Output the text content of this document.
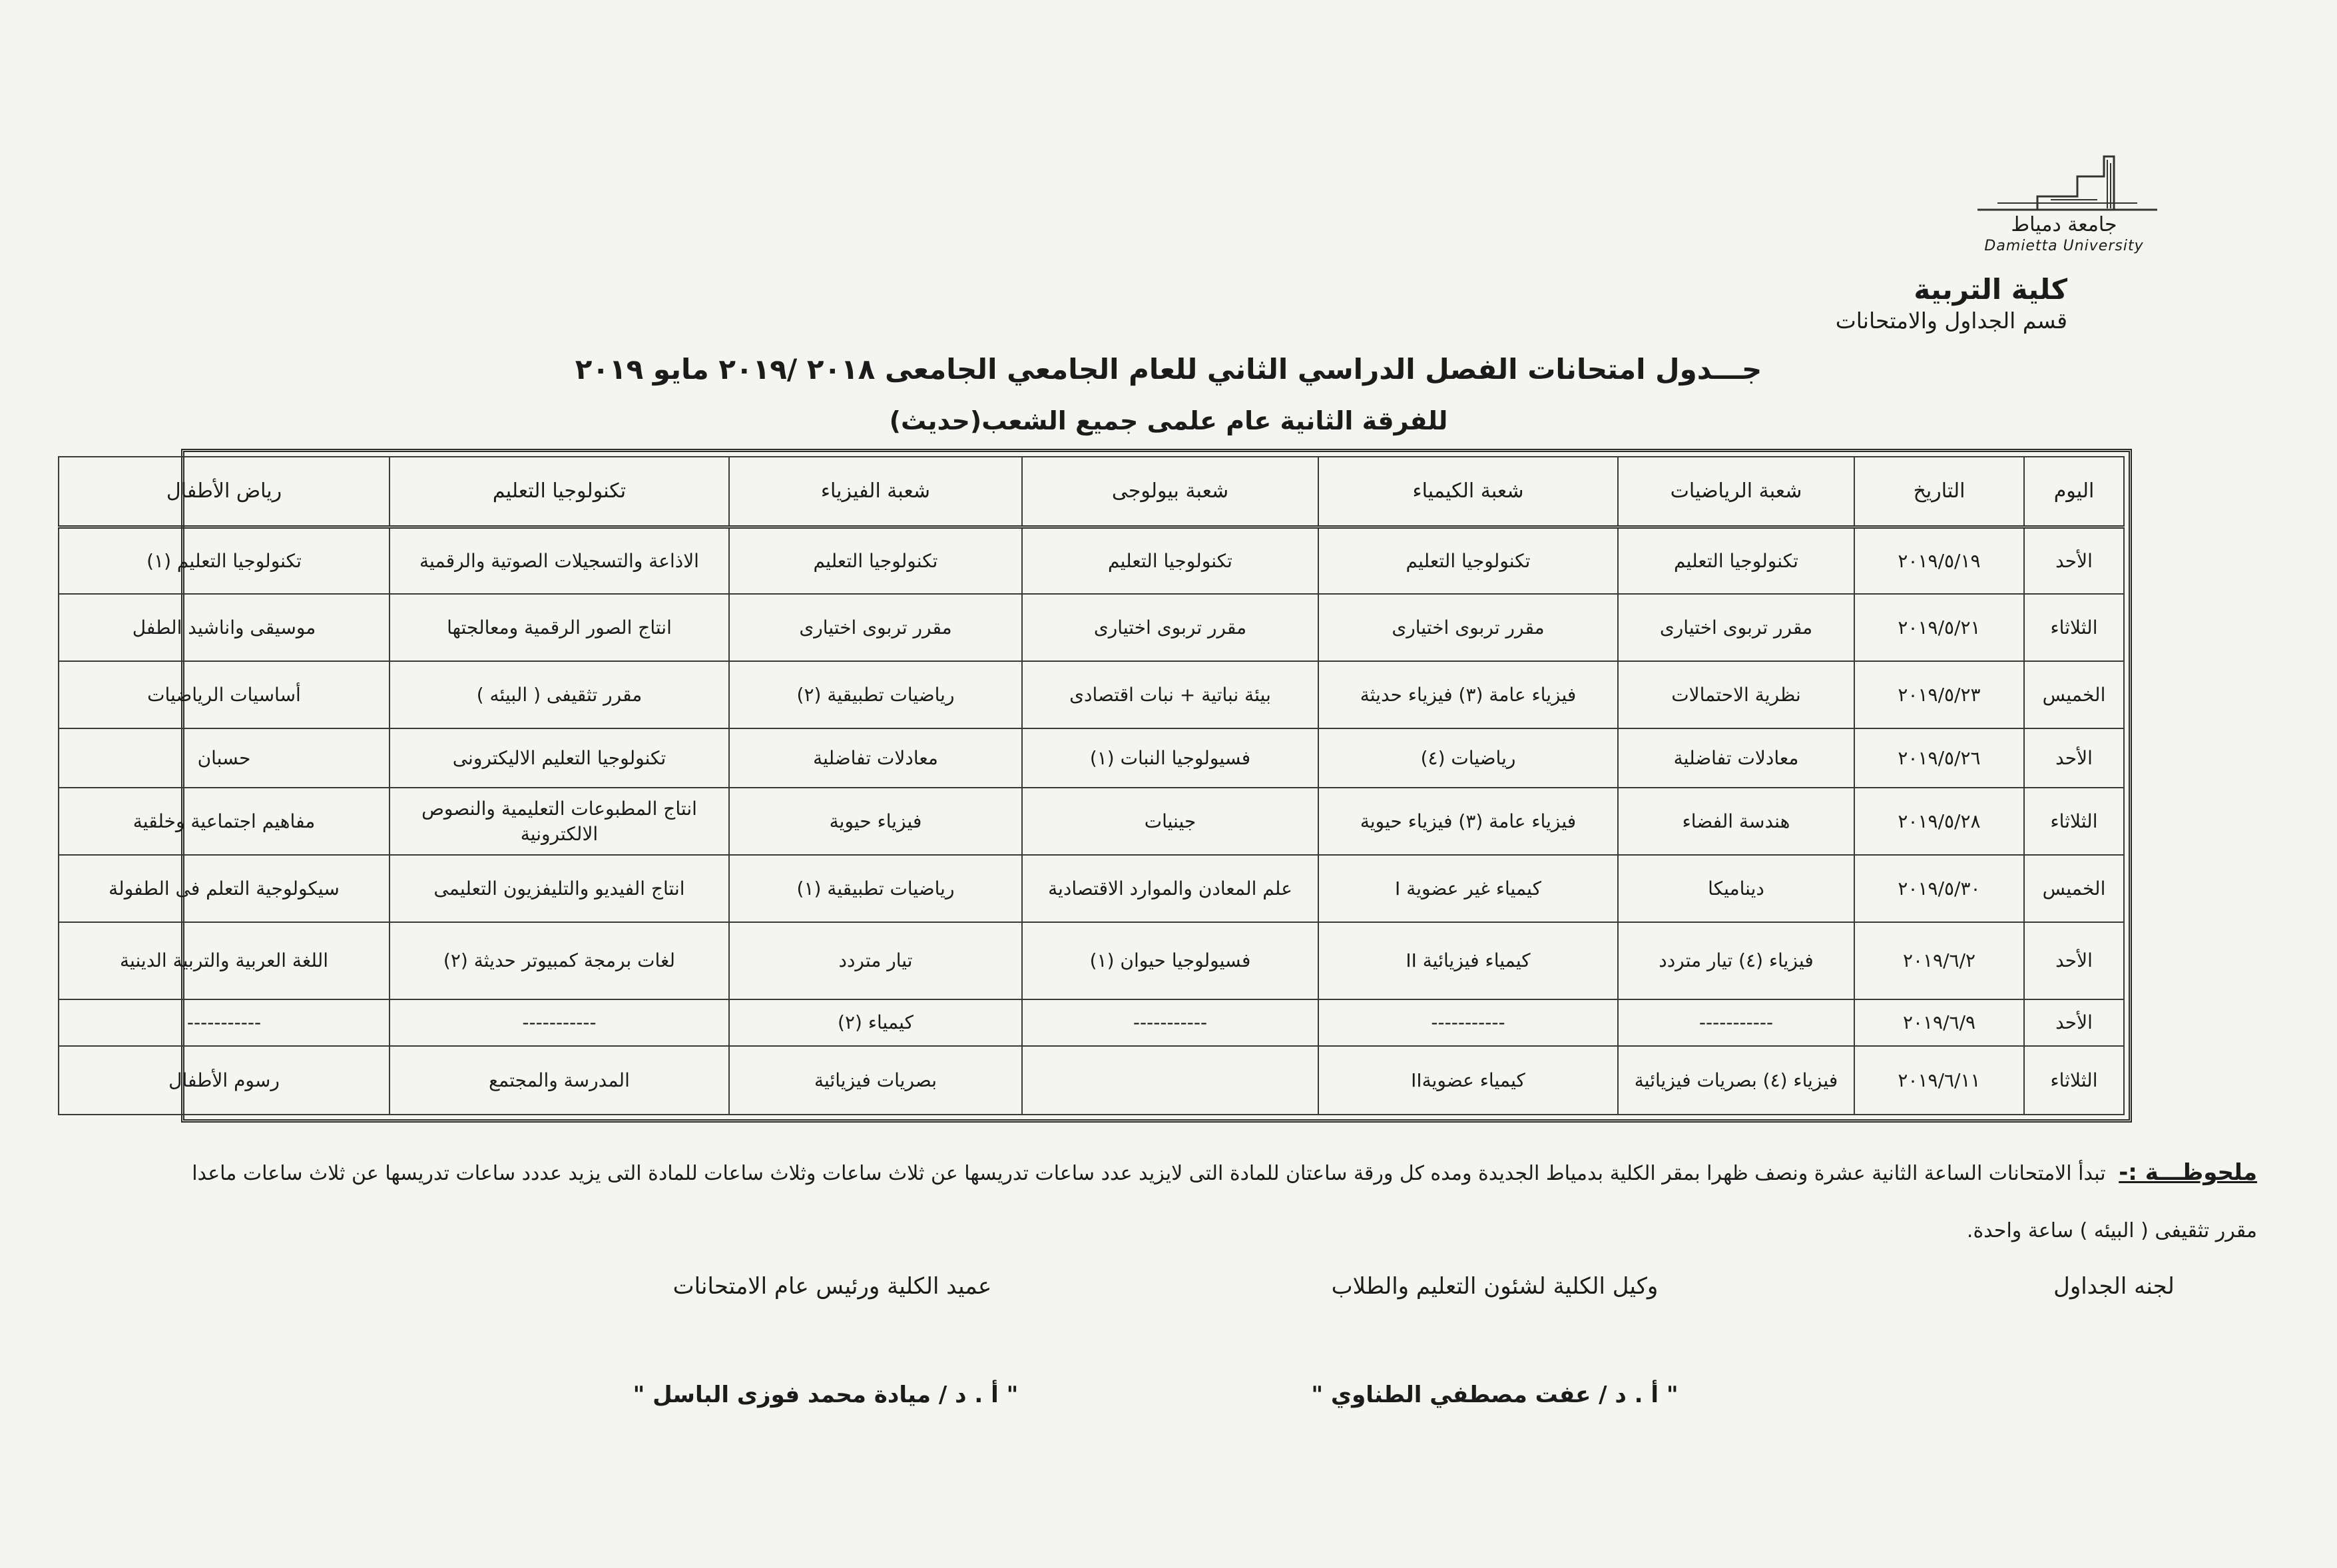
جامعة دمياط
Damietta University
كلية التربية
قسم الجداول والامتحانات
جـــدول امتحانات الفصل الدراسي الثاني للعام الجامعي الجامعى ٢٠١٨ /٢٠١٩ مايو ٢٠١٩
للفرقة الثانية عام علمى جميع الشعب(حديث)
اليوم	التاريخ	شعبة الرياضيات	شعبة الكيمياء	شعبة بيولوجى	شعبة الفيزياء	تكنولوجيا التعليم	رياض الأطفال
الأحد	٢٠١٩/٥/١٩	تكنولوجيا التعليم	تكنولوجيا التعليم	تكنولوجيا التعليم	تكنولوجيا التعليم	الاذاعة والتسجيلات الصوتية والرقمية	تكنولوجيا التعليم (١)
الثلاثاء	٢٠١٩/٥/٢١	مقرر تربوى اختيارى	مقرر تربوى اختيارى	مقرر تربوى اختيارى	مقرر تربوى اختيارى	انتاج الصور الرقمية ومعالجتها	موسيقى واناشيد الطفل
الخميس	٢٠١٩/٥/٢٣	نظرية الاحتمالات	فيزياء عامة (٣) فيزياء حديثة	بيئة نباتية + نبات اقتصادى	رياضيات تطبيقية (٢)	مقرر تثقيفى ( البيئه )	أساسيات الرياضيات
الأحد	٢٠١٩/٥/٢٦	معادلات تفاضلية	رياضيات (٤)	فسيولوجيا النبات (١)	معادلات تفاضلية	تكنولوجيا التعليم الاليكترونى	حسبان
الثلاثاء	٢٠١٩/٥/٢٨	هندسة الفضاء	فيزياء عامة (٣) فيزياء حيوية	جينيات	فيزياء حيوية	انتاج المطبوعات التعليمية والنصوص الالكترونية	مفاهيم اجتماعية وخلقية
الخميس	٢٠١٩/٥/٣٠	ديناميكا	كيمياء غير عضوية I	علم المعادن والموارد الاقتصادية	رياضيات تطبيقية (١)	انتاج الفيديو والتليفزيون التعليمى	سيكولوجية التعلم فى الطفولة
الأحد	٢٠١٩/٦/٢	فيزياء (٤) تيار متردد	كيمياء فيزيائية II	فسيولوجيا حيوان (١)	تيار متردد	لغات برمجة كمبيوتر حديثة (٢)	اللغة العربية والتربية الدينية
الأحد	٢٠١٩/٦/٩	-----------	-----------	-----------	كيمياء (٢)	-----------	-----------
الثلاثاء	٢٠١٩/٦/١١	فيزياء (٤) بصريات فيزيائية	كيمياء عضويةII		بصريات فيزيائية	المدرسة والمجتمع	رسوم الأطفال
ملحوظـــة :- تبدأ الامتحانات الساعة الثانية عشرة ونصف ظهرا بمقر الكلية بدمياط الجديدة ومده كل ورقة ساعتان للمادة التى لايزيد عدد ساعات تدريسها عن ثلاث ساعات وثلاث ساعات للمادة التى يزيد عددد ساعات تدريسها عن ثلاث ساعات ماعدا مقرر تثقيفى ( البيئه ) ساعة واحدة.
لجنه الجداول
وكيل الكلية لشئون التعليم والطلاب
عميد الكلية ورئيس عام الامتحانات
" أ . د / عفت مصطفي الطناوي "
" أ . د / ميادة محمد فوزى الباسل "
